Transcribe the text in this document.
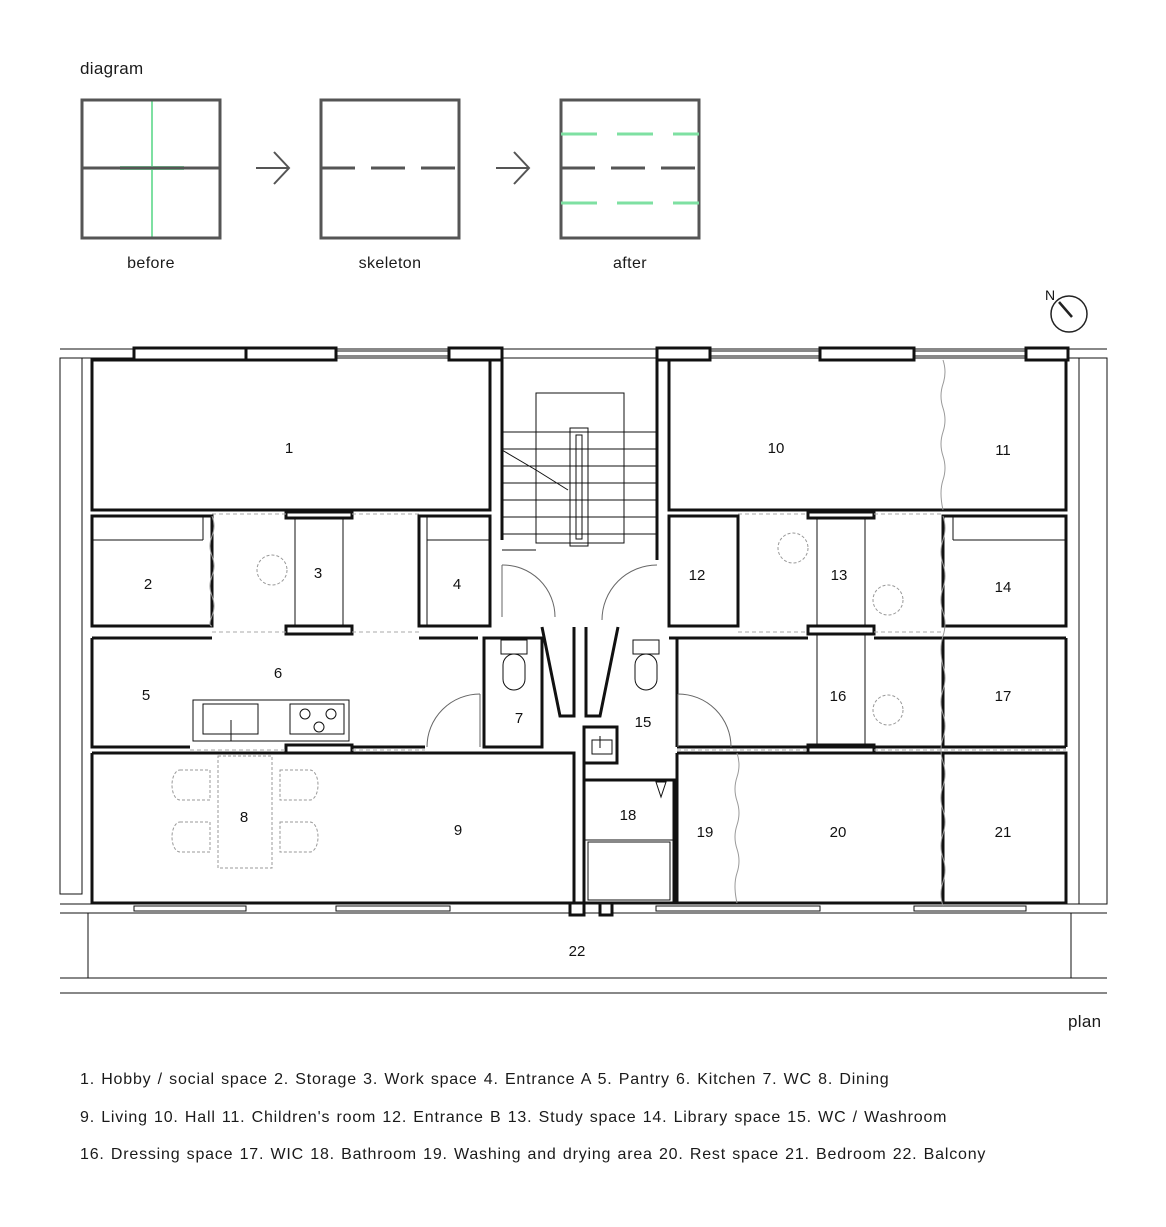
diagram
before	skeleton	after
plan
1. Hobby / social space 2. Storage 3. Work space 4. Entrance A 5. Pantry 6. Kitchen 7. WC 8. Dining
9. Living 10. Hall 11. Children's room 12. Entrance B 13. Study space 14. Library space 15. WC / Washroom
16. Dressing space 17. WIC 18. Bathroom 19. Washing and drying area 20. Rest space 21. Bedroom 22. Balcony
N
1
2
3
4
5
6
7
8
9
10	11
12	13
14
15
16	17
18
19	20	21
22
